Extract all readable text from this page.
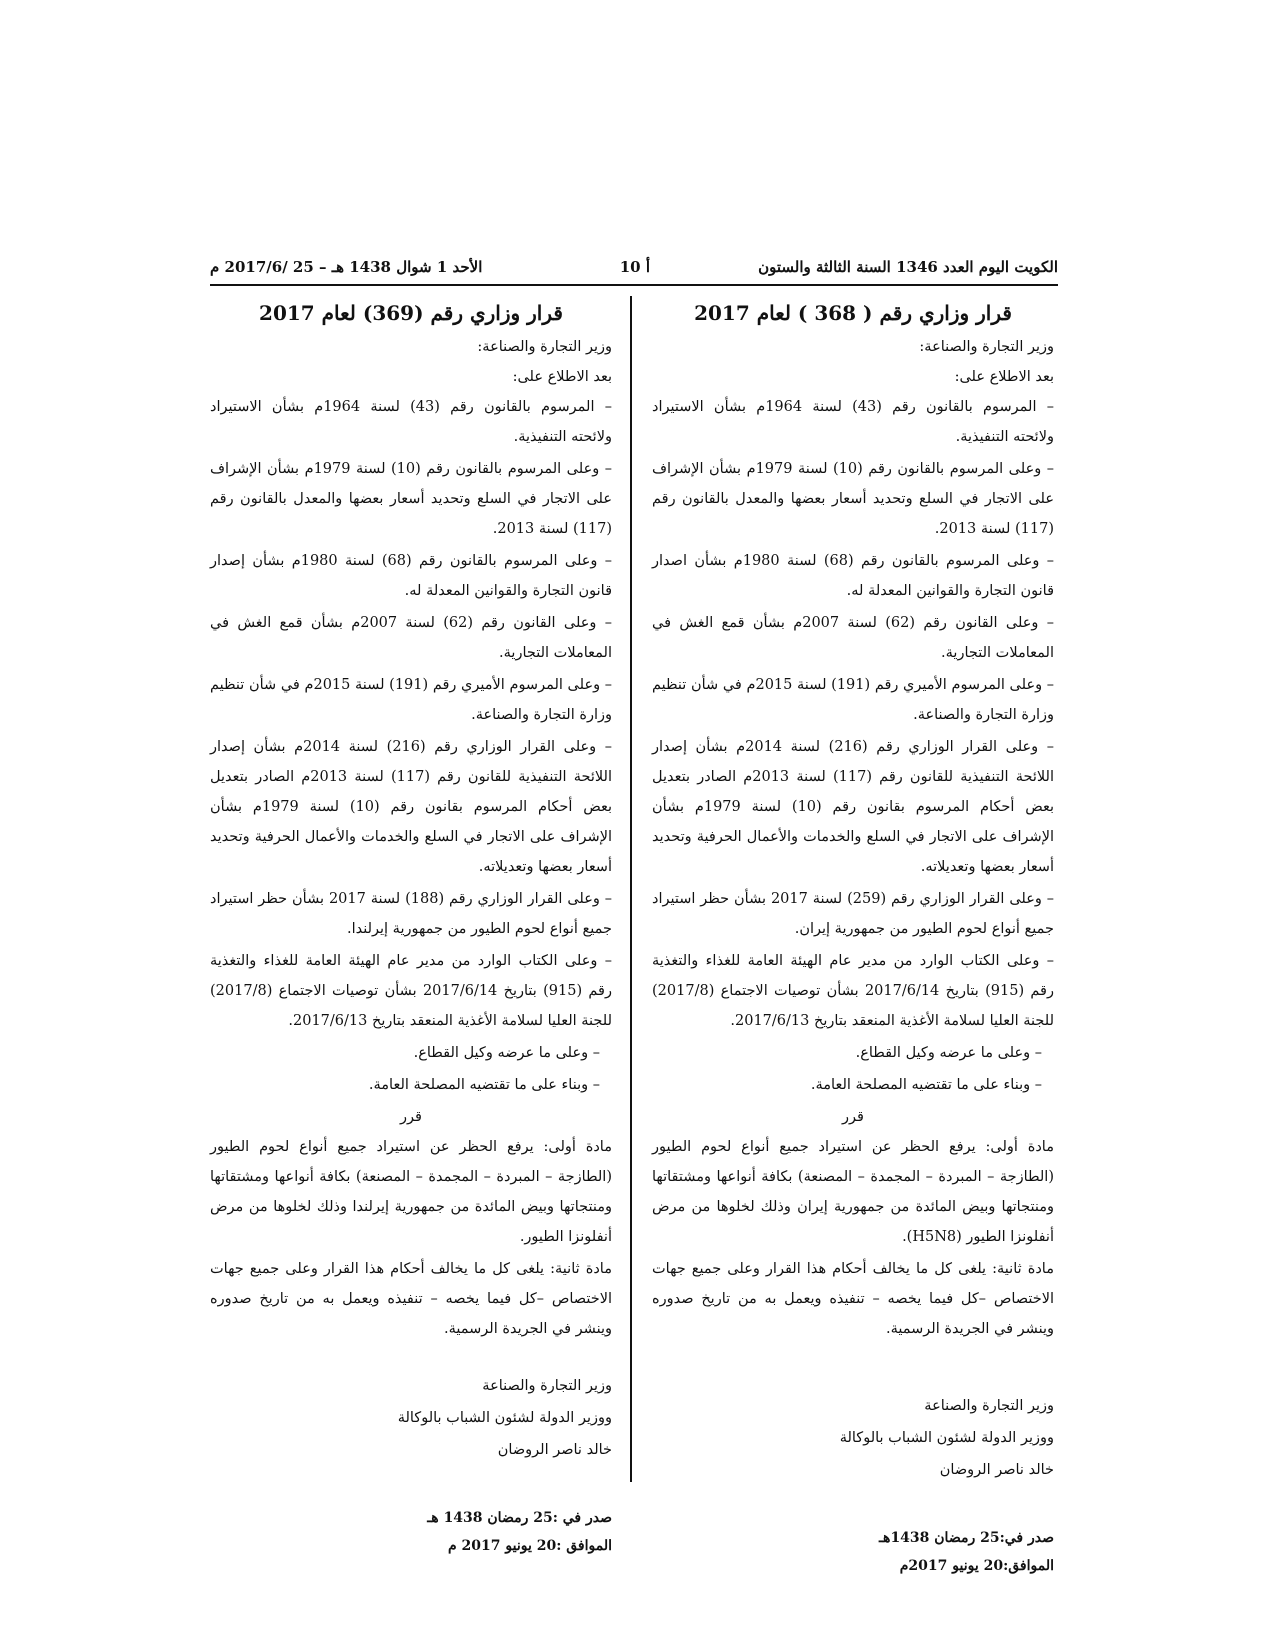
الكويت اليوم العدد 1346 السنة الثالثة والستون
أ 10
الأحد 1 شوال 1438 هـ – 25 /2017/6 م
قرار وزاري رقم ( 368 ) لعام 2017
وزير التجارة والصناعة:
بعد الاطلاع على:
– المرسوم بالقانون رقم (43) لسنة 1964م بشأن الاستيراد ولائحته التنفيذية.
– وعلى المرسوم بالقانون رقم (10) لسنة 1979م بشأن الإشراف على الاتجار في السلع وتحديد أسعار بعضها والمعدل بالقانون رقم (117) لسنة 2013.
– وعلى المرسوم بالقانون رقم (68) لسنة 1980م بشأن اصدار قانون التجارة والقوانين المعدلة له.
– وعلى القانون رقم (62) لسنة 2007م بشأن قمع الغش في المعاملات التجارية.
– وعلى المرسوم الأميري رقم (191) لسنة 2015م في شأن تنظيم وزارة التجارة والصناعة.
– وعلى القرار الوزاري رقم (216) لسنة 2014م بشأن إصدار اللائحة التنفيذية للقانون رقم (117) لسنة 2013م الصادر بتعديل بعض أحكام المرسوم بقانون رقم (10) لسنة 1979م بشأن الإشراف على الاتجار في السلع والخدمات والأعمال الحرفية وتحديد أسعار بعضها وتعديلاته.
– وعلى القرار الوزاري رقم (259) لسنة 2017 بشأن حظر استيراد جميع أنواع لحوم الطيور من جمهورية إيران.
– وعلى الكتاب الوارد من مدير عام الهيئة العامة للغذاء والتغذية رقم (915) بتاريخ 2017/6/14 بشأن توصيات الاجتماع (2017/8) للجنة العليا لسلامة الأغذية المنعقد بتاريخ 2017/6/13.
– وعلى ما عرضه وكيل القطاع.
– وبناء على ما تقتضيه المصلحة العامة.
قرر
مادة أولى: يرفع الحظر عن استيراد جميع أنواع لحوم الطيور (الطازجة – المبردة – المجمدة – المصنعة) بكافة أنواعها ومشتقاتها ومنتجاتها وبيض المائدة من جمهورية إيران وذلك لخلوها من مرض أنفلونزا الطيور (H5N8).
مادة ثانية: يلغى كل ما يخالف أحكام هذا القرار وعلى جميع جهات الاختصاص –كل فيما يخصه – تنفيذه ويعمل به من تاريخ صدوره وينشر في الجريدة الرسمية.

وزير التجارة والصناعة

ووزير الدولة لشئون الشباب بالوكالة

خالد ناصر الروضان

صدر في:25 رمضان 1438هـ

الموافق:20 يونيو 2017م

قرار وزاري رقم (369) لعام 2017
وزير التجارة والصناعة:
بعد الاطلاع على:
– المرسوم بالقانون رقم (43) لسنة 1964م بشأن الاستيراد ولائحته التنفيذية.
– وعلى المرسوم بالقانون رقم (10) لسنة 1979م بشأن الإشراف على الاتجار في السلع وتحديد أسعار بعضها والمعدل بالقانون رقم (117) لسنة 2013.
– وعلى المرسوم بالقانون رقم (68) لسنة 1980م بشأن إصدار قانون التجارة والقوانين المعدلة له.
– وعلى القانون رقم (62) لسنة 2007م بشأن قمع الغش في المعاملات التجارية.
– وعلى المرسوم الأميري رقم (191) لسنة 2015م في شأن تنظيم وزارة التجارة والصناعة.
– وعلى القرار الوزاري رقم (216) لسنة 2014م بشأن إصدار اللائحة التنفيذية للقانون رقم (117) لسنة 2013م الصادر بتعديل بعض أحكام المرسوم بقانون رقم (10) لسنة 1979م بشأن الإشراف على الاتجار في السلع والخدمات والأعمال الحرفية وتحديد أسعار بعضها وتعديلاته.
– وعلى القرار الوزاري رقم (188) لسنة 2017 بشأن حظر استيراد جميع أنواع لحوم الطيور من جمهورية إيرلندا.
– وعلى الكتاب الوارد من مدير عام الهيئة العامة للغذاء والتغذية رقم (915) بتاريخ 2017/6/14 بشأن توصيات الاجتماع (2017/8) للجنة العليا لسلامة الأغذية المنعقد بتاريخ 2017/6/13.
– وعلى ما عرضه وكيل القطاع.
– وبناء على ما تقتضيه المصلحة العامة.
قرر
مادة أولى: يرفع الحظر عن استيراد جميع أنواع لحوم الطيور (الطازجة – المبردة – المجمدة – المصنعة) بكافة أنواعها ومشتقاتها ومنتجاتها وبيض المائدة من جمهورية إيرلندا وذلك لخلوها من مرض أنفلونزا الطيور.
مادة ثانية: يلغى كل ما يخالف أحكام هذا القرار وعلى جميع جهات الاختصاص –كل فيما يخصه – تنفيذه ويعمل به من تاريخ صدوره وينشر في الجريدة الرسمية.

وزير التجارة والصناعة

ووزير الدولة لشئون الشباب بالوكالة

خالد ناصر الروضان

صدر في :25 رمضان 1438 هـ

الموافق :20 يونيو 2017 م
